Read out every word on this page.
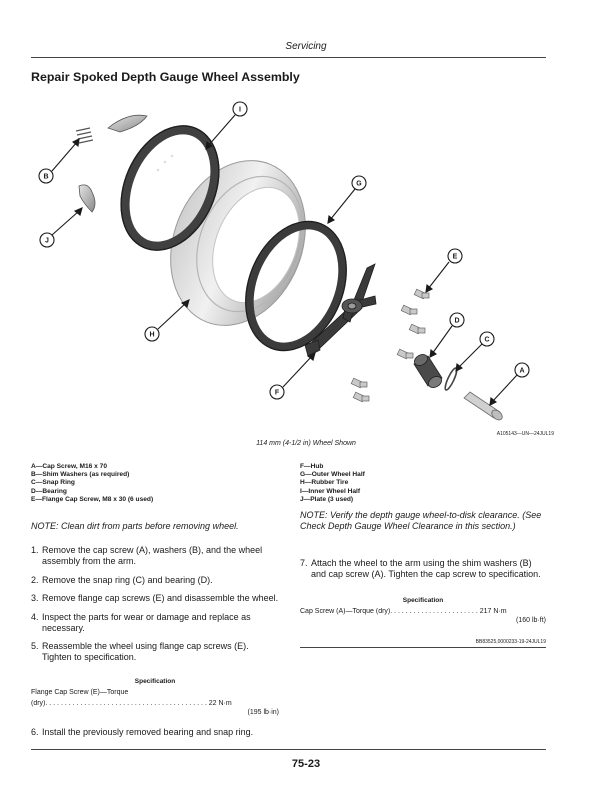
Servicing
Repair Spoked Depth Gauge Wheel Assembly
I
B
J
G
H
F
E
D
C
A
A105143—UN—24JUL19
114 mm (4-1/2 in) Wheel Shown
A—Cap Screw, M16 x 70
B—Shim Washers (as required)
C—Snap Ring
D—Bearing
E—Flange Cap Screw, M8 x 30 (6 used)
F—Hub
G—Outer Wheel Half
H—Rubber Tire
I—Inner Wheel Half
J—Plate (3 used)
NOTE: Clean dirt from parts before removing wheel.
1. Remove the cap screw (A), washers (B), and the wheel assembly from the arm.
2. Remove the snap ring (C) and bearing (D).
3. Remove flange cap screws (E) and disassemble the wheel.
4. Inspect the parts for wear or damage and replace as necessary.
5. Reassemble the wheel using flange cap screws (E). Tighten to specification.
Specification
Flange Cap Screw (E)—Torque
(dry). . . . . . . . . . . . . . . . . . . . . . . . . . . . . . . . . . . . . . . . . . 22 N·m
(195 lb·in)
6. Install the previously removed bearing and snap ring.
NOTE: Verify the depth gauge wheel-to-disk clearance. (See Check Depth Gauge Wheel Clearance in this section.)
7. Attach the wheel to the arm using the shim washers (B) and cap screw (A). Tighten the cap screw to specification.
Specification
Cap Screw (A)—Torque (dry). . . . . . . . . . . . . . . . . . . . . . . 217 N·m
(160 lb·ft)
BB83525,0000233-19-24JUL19
75-23
